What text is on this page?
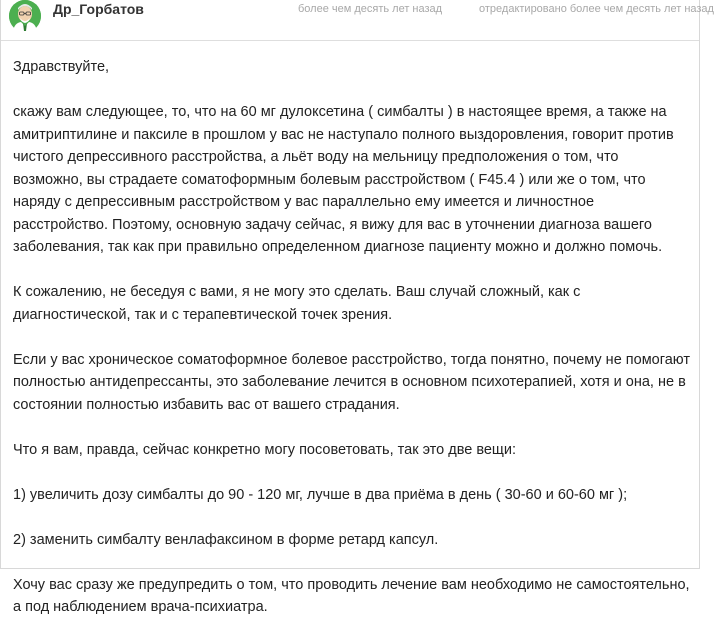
Др_Горбатов	более чем десять лет назад	отредактировано более чем десять лет назад

Здравствуйте,

скажу вам следующее, то, что на 60 мг дулоксетина ( симбалты ) в настоящее время, а также на амитриптилине и паксиле в прошлом у вас не наступало полного выздоровления, говорит против чистого депрессивного расстройства, а льёт воду на мельницу предположения о том, что возможно, вы страдаете соматоформным болевым расстройством ( F45.4 ) или же о том, что наряду с депрессивным расстройством у вас параллельно ему имеется и личностное расстройство. Поэтому, основную задачу сейчас, я вижу для вас в уточнении диагноза вашего заболевания, так как при правильно определенном диагнозе пациенту можно и должно помочь.

К сожалению, не беседуя с вами, я не могу это сделать. Ваш случай сложный, как с диагностической, так и с терапевтической точек зрения.

Если у вас хроническое соматоформное болевое расстройство, тогда понятно, почему не помогают полностью антидепрессанты, это заболевание лечится в основном психотерапией, хотя и она, не в состоянии полностью избавить вас от вашего страдания.

Что я вам, правда, сейчас конкретно могу посоветовать, так это две вещи:

1) увеличить дозу симбалты до 90 - 120 мг, лучше в два приёма в день ( 30-60 и 60-60 мг );

2) заменить симбалту венлафаксином в форме ретард капсул.

Хочу вас сразу же предупредить о том, что проводить лечение вам необходимо не самостоятельно, а под наблюдением врача-психиатра.
